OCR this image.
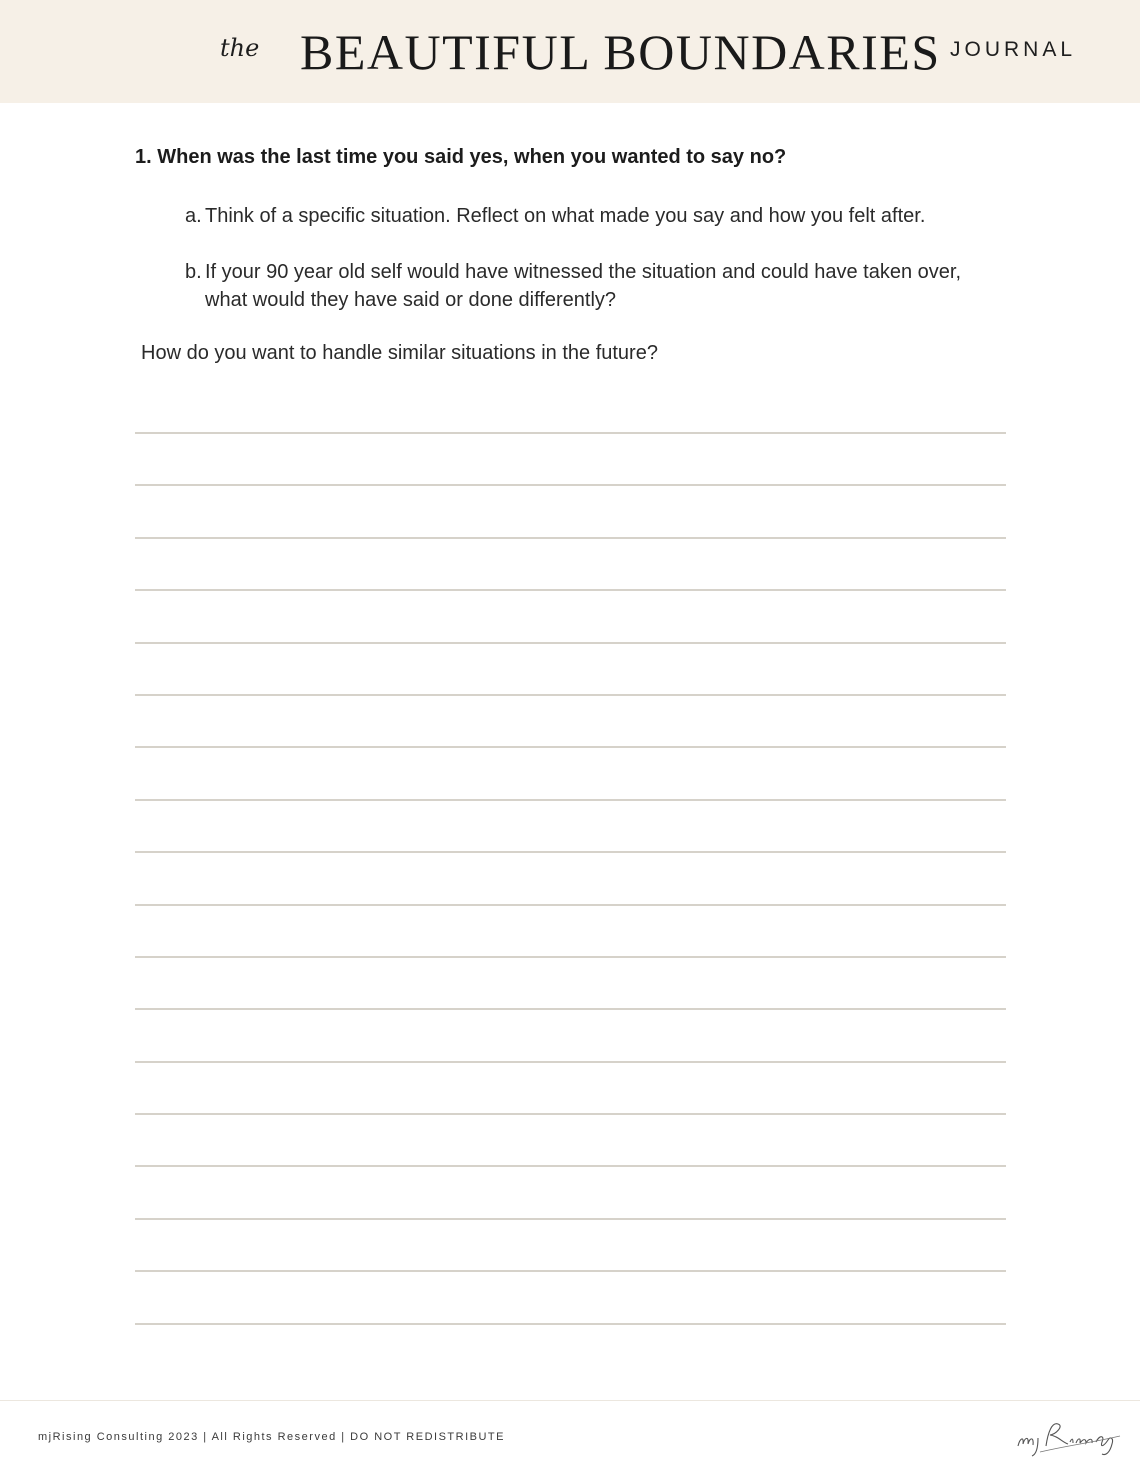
the BEAUTIFUL BOUNDARIES JOURNAL
1. When was the last time you said yes, when you wanted to say no?
a. Think of a specific situation. Reflect on what made you say and how you felt after.
b. If your 90 year old self would have witnessed the situation and could have taken over, what would they have said or done differently?
How do you want to handle similar situations in the future?
mjRising Consulting 2023 | All Rights Reserved | DO NOT REDISTRIBUTE
